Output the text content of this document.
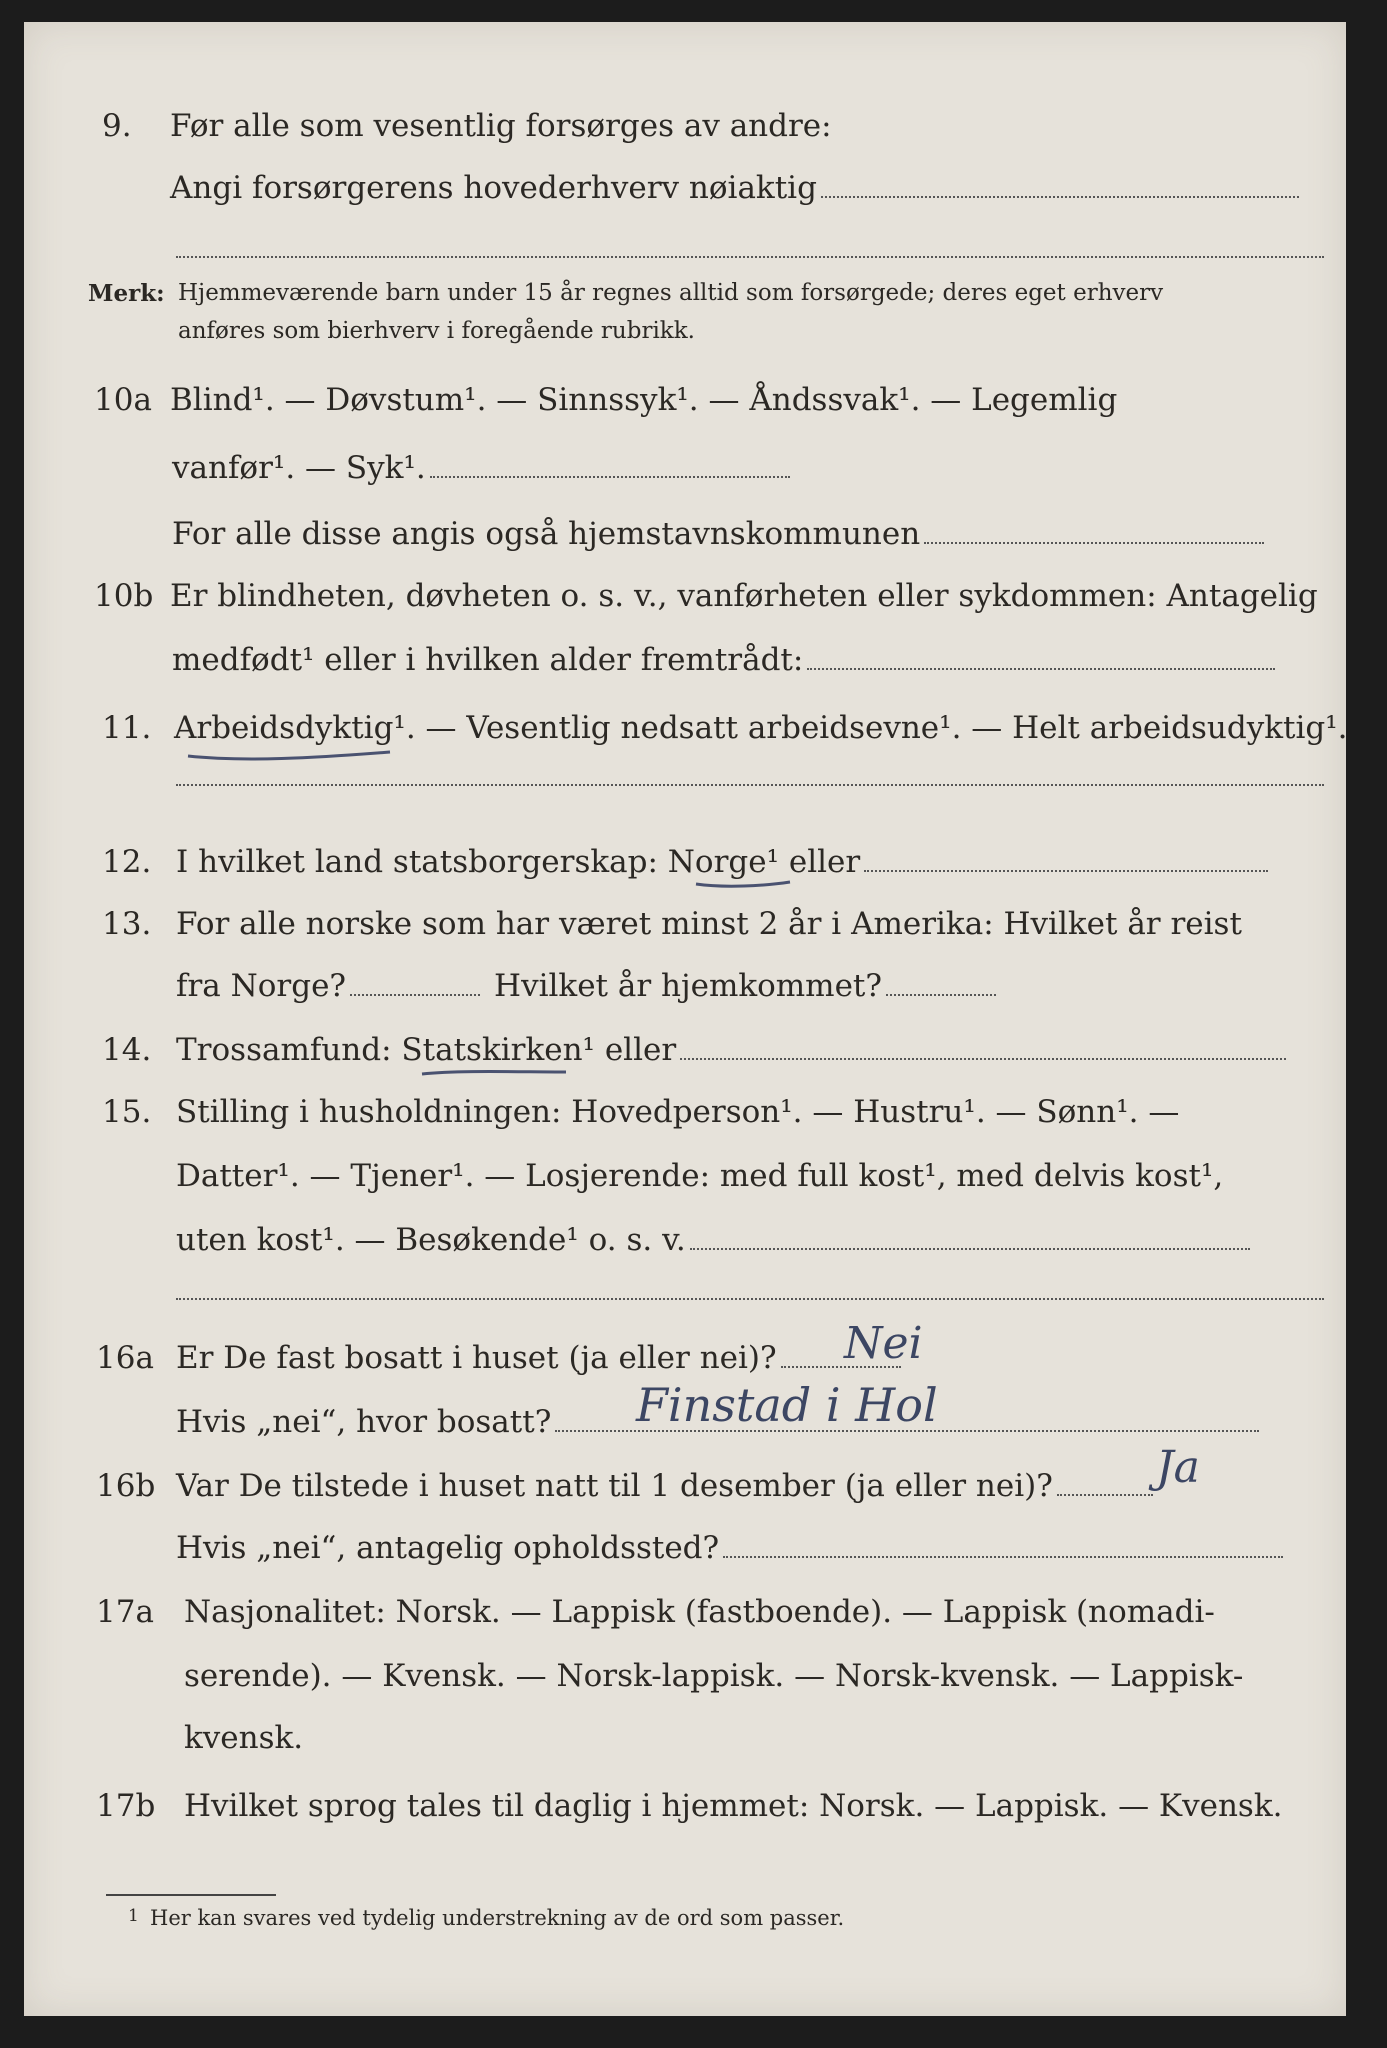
9. Før alle som vesentlig forsørges av andre:
Angi forsørgerens hovederhverv nøiaktig
Merk: Hjemmeværende barn under 15 år regnes alltid som forsørgede; deres eget erhverv
anføres som bierhverv i foregående rubrikk.
10a Blind¹. — Døvstum¹. — Sinnssyk¹. — Åndssvak¹. — Legemlig
vanfør¹. — Syk¹.
For alle disse angis også hjemstavnskommunen
10b Er blindheten, døvheten o. s. v., vanførheten eller sykdommen: Antagelig
medfødt¹ eller i hvilken alder fremtrådt:
11. Arbeidsdyktig¹. — Vesentlig nedsatt arbeidsevne¹. — Helt arbeidsudyktig¹.
12. I hvilket land statsborgerskap: Norge¹ eller
13. For alle norske som har været minst 2 år i Amerika: Hvilket år reist
fra Norge?	Hvilket år hjemkommet?
14. Trossamfund: Statskirken¹ eller
15. Stilling i husholdningen: Hovedperson¹. — Hustru¹. — Sønn¹. —
Datter¹. — Tjener¹. — Losjerende: med full kost¹, med delvis kost¹,
uten kost¹. — Besøkende¹ o. s. v.
16a Er De fast bosatt i huset (ja eller nei)? Nei
Hvis „nei“, hvor bosatt? Finstad i Hol
16b Var De tilstede i huset natt til 1 desember (ja eller nei)? Ja
Hvis „nei“, antagelig opholdssted?
17a Nasjonalitet: Norsk. — Lappisk (fastboende). — Lappisk (nomadi-
serende). — Kvensk. — Norsk-lappisk. — Norsk-kvensk. — Lappisk-
kvensk.
17b Hvilket sprog tales til daglig i hjemmet: Norsk. — Lappisk. — Kvensk.
1 Her kan svares ved tydelig understrekning av de ord som passer.
